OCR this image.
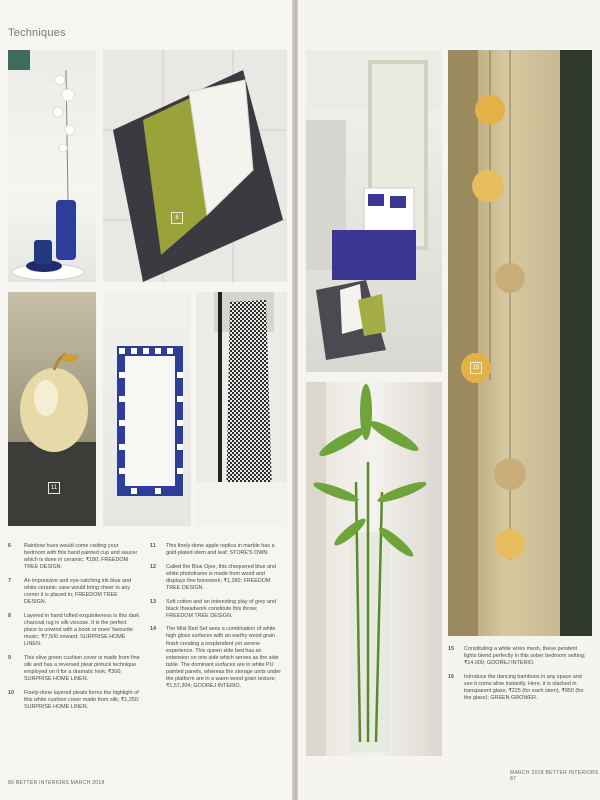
Techniques
8
11
6 Rainbow hues would come visiting your bedroom with this hand painted cup and saucer which is done in ceramic; ₹180; FREEDOM TREE DESIGN.
7 An impressive and eye-catching ink blue and white ceramic vase would bring cheer to any corner it is placed in; FREEDOM TREE DESIGN.
8 Layered in hand tufted exquisiteness is this dark charcoal rug in silk viscose. It is the perfect place to unwind with a book or ones' favourite music; ₹7,500 onward; SURPRISE HOME LINEN.
9 This olive green cushion cover is made from fine silk and has a reversed pleat pintuck technique employed on it for a dramatic look; ₹300; SURPRISE HOME LINEN.
10 Finely-done layered pleats forms the highlight of this white cushion cover made from silk; ₹1,250; SURPRISE HOME LINEN.
11 This finely-done apple replica in marble has a gold-plated stem and leaf; STORE'S OWN.
12 Called the Blue Ojee, this chequered blue and white photoframe is made from wood and displays fine bonework; ₹1,280; FREEDOM TREE DESIGN.
13 Soft cotton and an interesting play of grey and black threadwork constitute this throw; FREEDOM TREE DESIGN.
14 The Mist Bed Set sees a combination of white high gloss surfaces with an earthy wood grain finish creating a resplendent yet serene experience. This queen side bed has an extension on one side which serves as the side table. The dominant surfaces are in white PU painted panels, whereas the storage units under the platform are in a warm wood grain texture; ₹1,57,304; GOOREJ INTERIO.
86 BETTER INTERIORS MARCH 2018
15
15 Constituting a white wires mesh, these pendent lights blend perfectly in this sober bedroom setting; ₹14,000; GOOREJ INTERIO.
16 Introduce the dancing bamboos in any space and see it come alive instantly. Here, it is stacked in transparent glass; ₹225 (for each stem), ₹950 (for the glass); GREEN GROWER.
MARCH 2018 BETTER INTERIORS 87
